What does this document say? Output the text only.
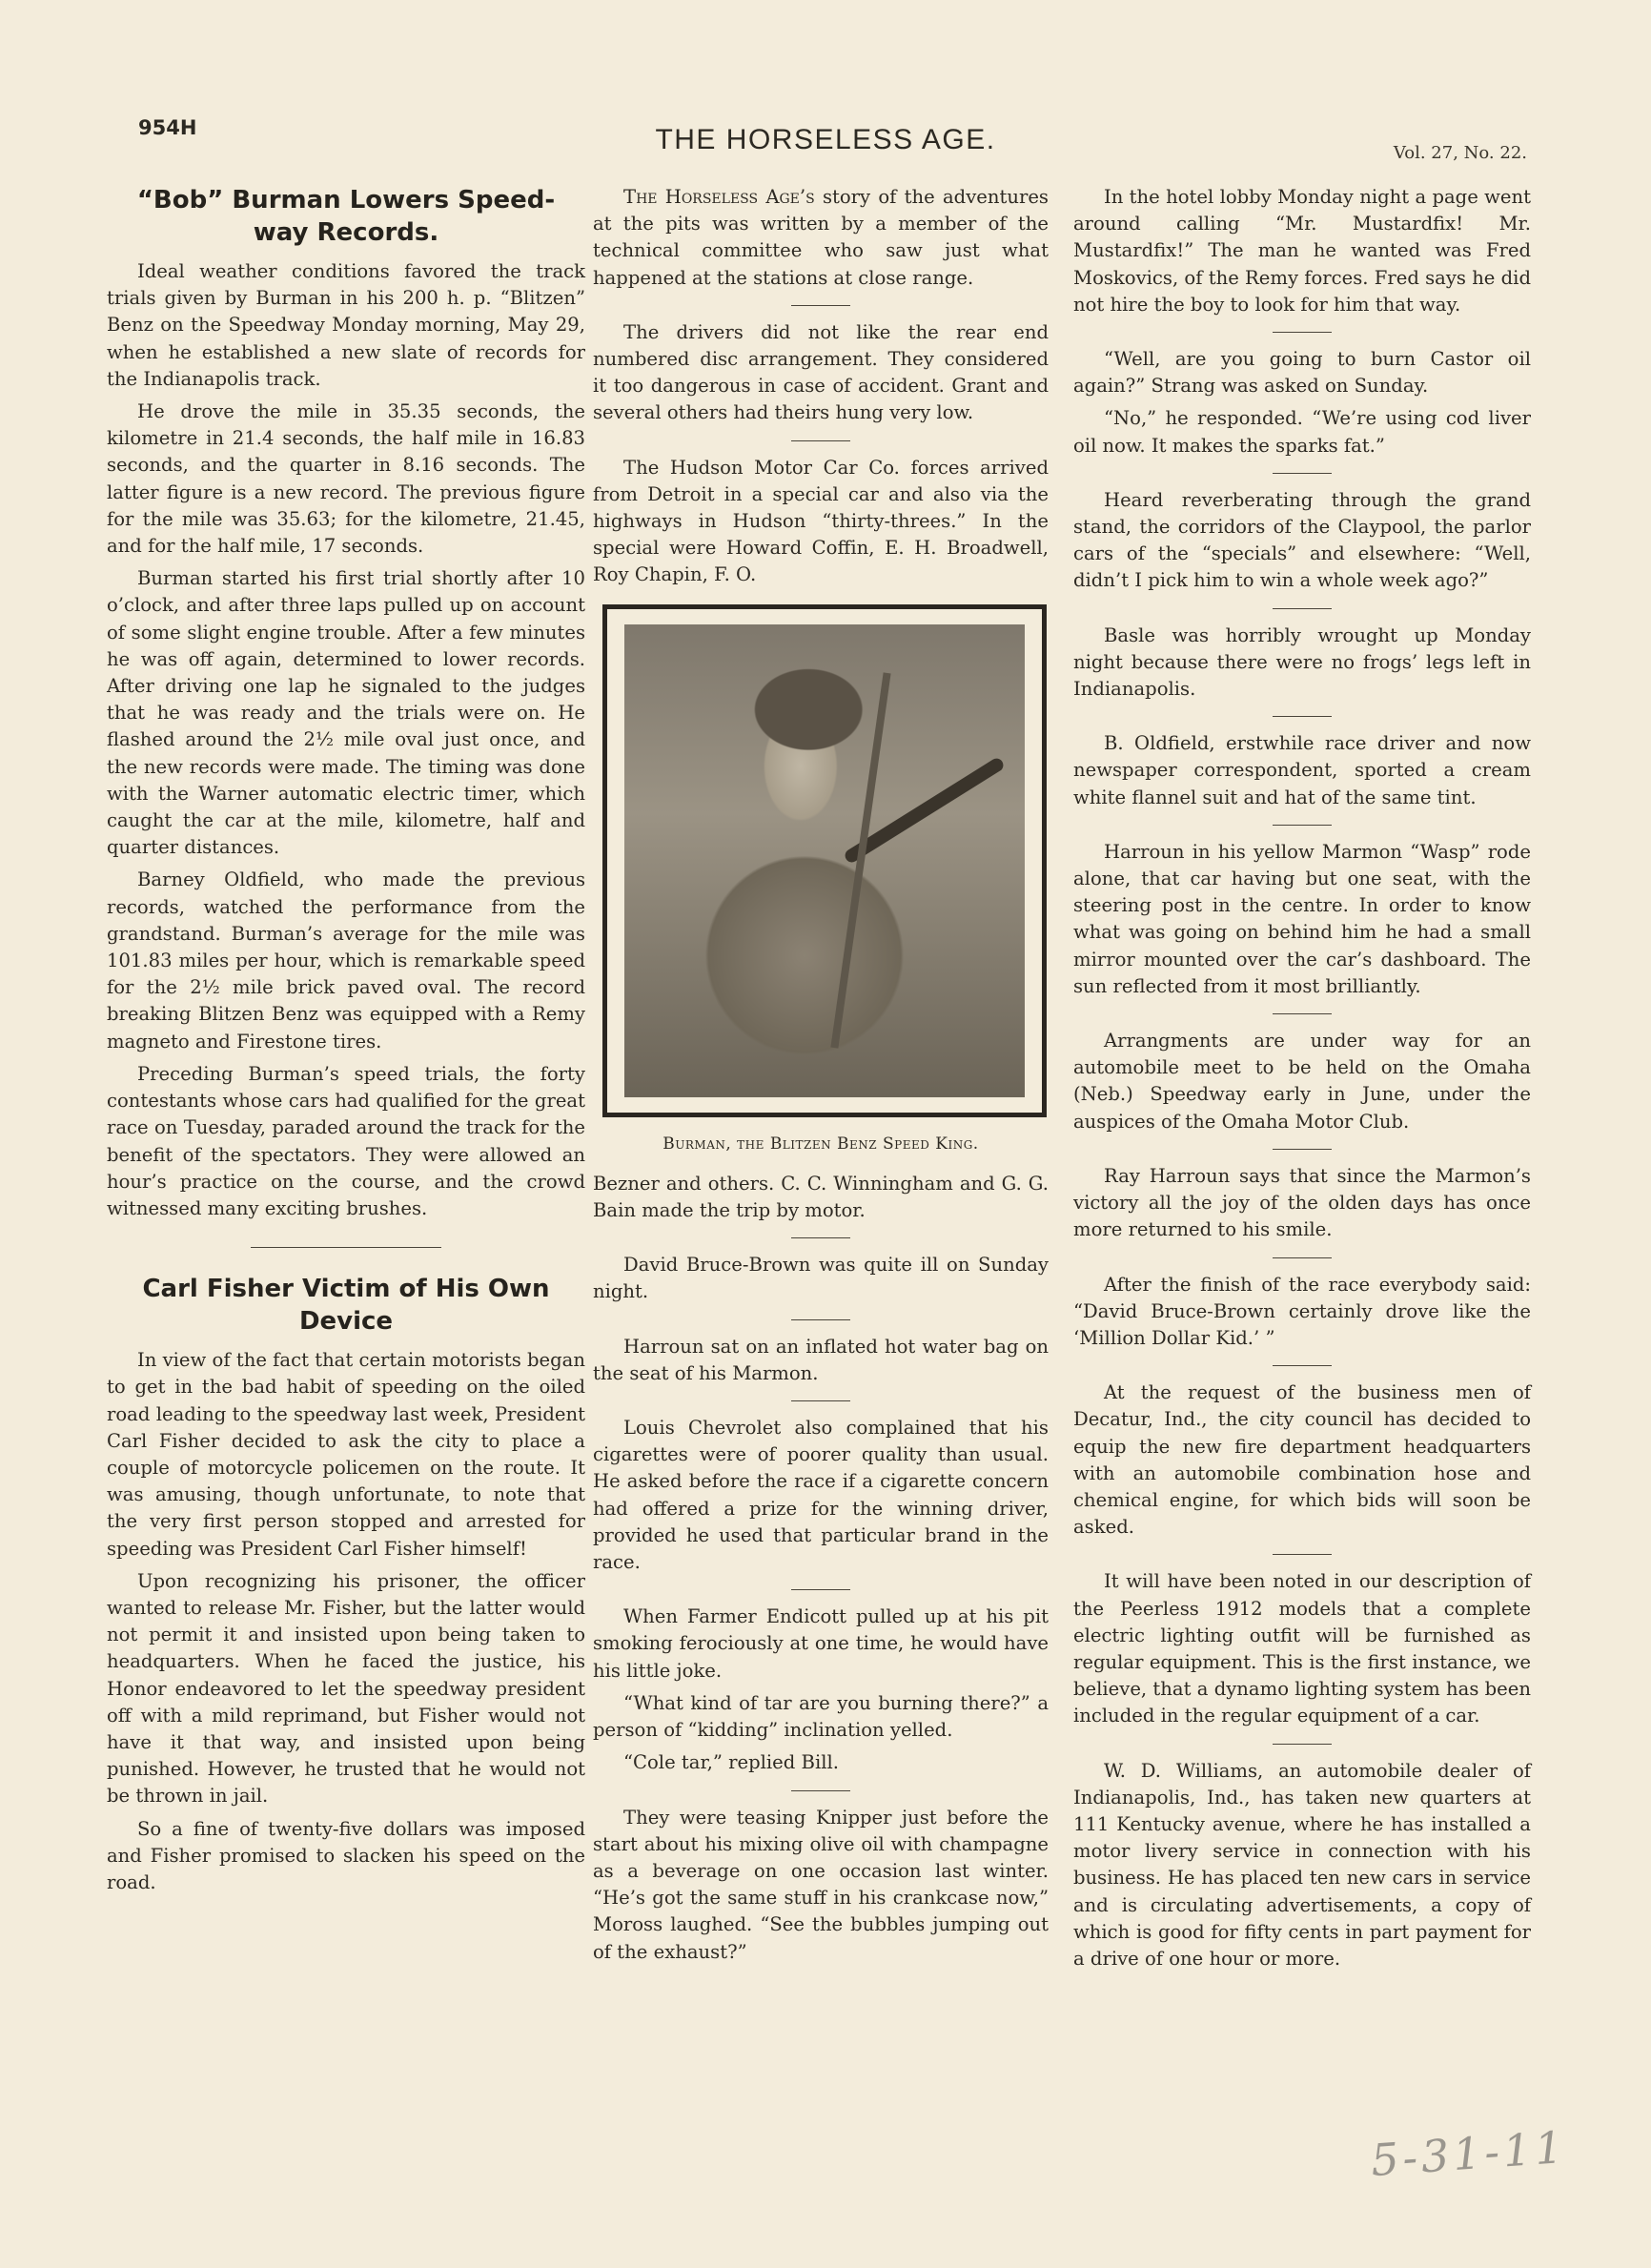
954H	THE HORSELESS AGE.	Vol. 27, No. 22.
“Bob” Burman Lowers Speed-
way Records.

Ideal weather conditions favored the track trials given by Burman in his 200 h. p. “Blitzen” Benz on the Speedway Monday morning, May 29, when he established a new slate of records for the Indianapolis track.

He drove the mile in 35.35 seconds, the kilometre in 21.4 seconds, the half mile in 16.83 seconds, and the quarter in 8.16 seconds. The latter figure is a new record. The previous figure for the mile was 35.63; for the kilometre, 21.45, and for the half mile, 17 seconds.

Burman started his first trial shortly after 10 o’clock, and after three laps pulled up on account of some slight engine trouble. After a few minutes he was off again, determined to lower records. After driving one lap he signaled to the judges that he was ready and the trials were on. He flashed around the 2½ mile oval just once, and the new records were made. The timing was done with the Warner automatic electric timer, which caught the car at the mile, kilometre, half and quarter distances.

Barney Oldfield, who made the previous records, watched the performance from the grandstand. Burman’s average for the mile was 101.83 miles per hour, which is remarkable speed for the 2½ mile brick paved oval. The record breaking Blitzen Benz was equipped with a Remy magneto and Firestone tires.

Preceding Burman’s speed trials, the forty contestants whose cars had qualified for the great race on Tuesday, paraded around the track for the benefit of the spectators. They were allowed an hour’s practice on the course, and the crowd witnessed many exciting brushes.

Carl Fisher Victim of His Own
Device

In view of the fact that certain motorists began to get in the bad habit of speeding on the oiled road leading to the speedway last week, President Carl Fisher decided to ask the city to place a couple of motorcycle policemen on the route. It was amusing, though unfortunate, to note that the very first person stopped and arrested for speeding was President Carl Fisher himself!

Upon recognizing his prisoner, the officer wanted to release Mr. Fisher, but the latter would not permit it and insisted upon being taken to headquarters. When he faced the justice, his Honor endeavored to let the speedway president off with a mild reprimand, but Fisher would not have it that way, and insisted upon being punished. However, he trusted that he would not be thrown in jail.

So a fine of twenty-five dollars was imposed and Fisher promised to slacken his speed on the road.

The Horseless Age’s story of the adventures at the pits was written by a member of the technical committee who saw just what happened at the stations at close range.

The drivers did not like the rear end numbered disc arrangement. They considered it too dangerous in case of accident. Grant and several others had theirs hung very low.

The Hudson Motor Car Co. forces arrived from Detroit in a special car and also via the highways in Hudson “thirty-threes.” In the special were Howard Coffin, E. H. Broadwell, Roy Chapin, F. O.

Burman, the Blitzen Benz Speed King.

Bezner and others. C. C. Winningham and G. G. Bain made the trip by motor.

David Bruce-Brown was quite ill on Sunday night.

Harroun sat on an inflated hot water bag on the seat of his Marmon.

Louis Chevrolet also complained that his cigarettes were of poorer quality than usual. He asked before the race if a cigarette concern had offered a prize for the winning driver, provided he used that particular brand in the race.

When Farmer Endicott pulled up at his pit smoking ferociously at one time, he would have his little joke.

“What kind of tar are you burning there?” a person of “kidding” inclination yelled.

“Cole tar,” replied Bill.

They were teasing Knipper just before the start about his mixing olive oil with champagne as a beverage on one occasion last winter. “He’s got the same stuff in his crankcase now,” Moross laughed. “See the bubbles jumping out of the exhaust?”

In the hotel lobby Monday night a page went around calling “Mr. Mustardfix! Mr. Mustardfix!” The man he wanted was Fred Moskovics, of the Remy forces. Fred says he did not hire the boy to look for him that way.

“Well, are you going to burn Castor oil again?” Strang was asked on Sunday.

“No,” he responded. “We’re using cod liver oil now. It makes the sparks fat.”

Heard reverberating through the grand stand, the corridors of the Claypool, the parlor cars of the “specials” and elsewhere: “Well, didn’t I pick him to win a whole week ago?”

Basle was horribly wrought up Monday night because there were no frogs’ legs left in Indianapolis.

B. Oldfield, erstwhile race driver and now newspaper correspondent, sported a cream white flannel suit and hat of the same tint.

Harroun in his yellow Marmon “Wasp” rode alone, that car having but one seat, with the steering post in the centre. In order to know what was going on behind him he had a small mirror mounted over the car’s dashboard. The sun reflected from it most brilliantly.

Arrangments are under way for an automobile meet to be held on the Omaha (Neb.) Speedway early in June, under the auspices of the Omaha Motor Club.

Ray Harroun says that since the Marmon’s victory all the joy of the olden days has once more returned to his smile.

After the finish of the race everybody said: “David Bruce-Brown certainly drove like the ‘Million Dollar Kid.’ ”

At the request of the business men of Decatur, Ind., the city council has decided to equip the new fire department headquarters with an automobile combination hose and chemical engine, for which bids will soon be asked.

It will have been noted in our description of the Peerless 1912 models that a complete electric lighting outfit will be furnished as regular equipment. This is the first instance, we believe, that a dynamo lighting system has been included in the regular equipment of a car.

W. D. Williams, an automobile dealer of Indianapolis, Ind., has taken new quarters at 111 Kentucky avenue, where he has installed a motor livery service in connection with his business. He has placed ten new cars in service and is circulating advertisements, a copy of which is good for fifty cents in part payment for a drive of one hour or more.

5-31-11
